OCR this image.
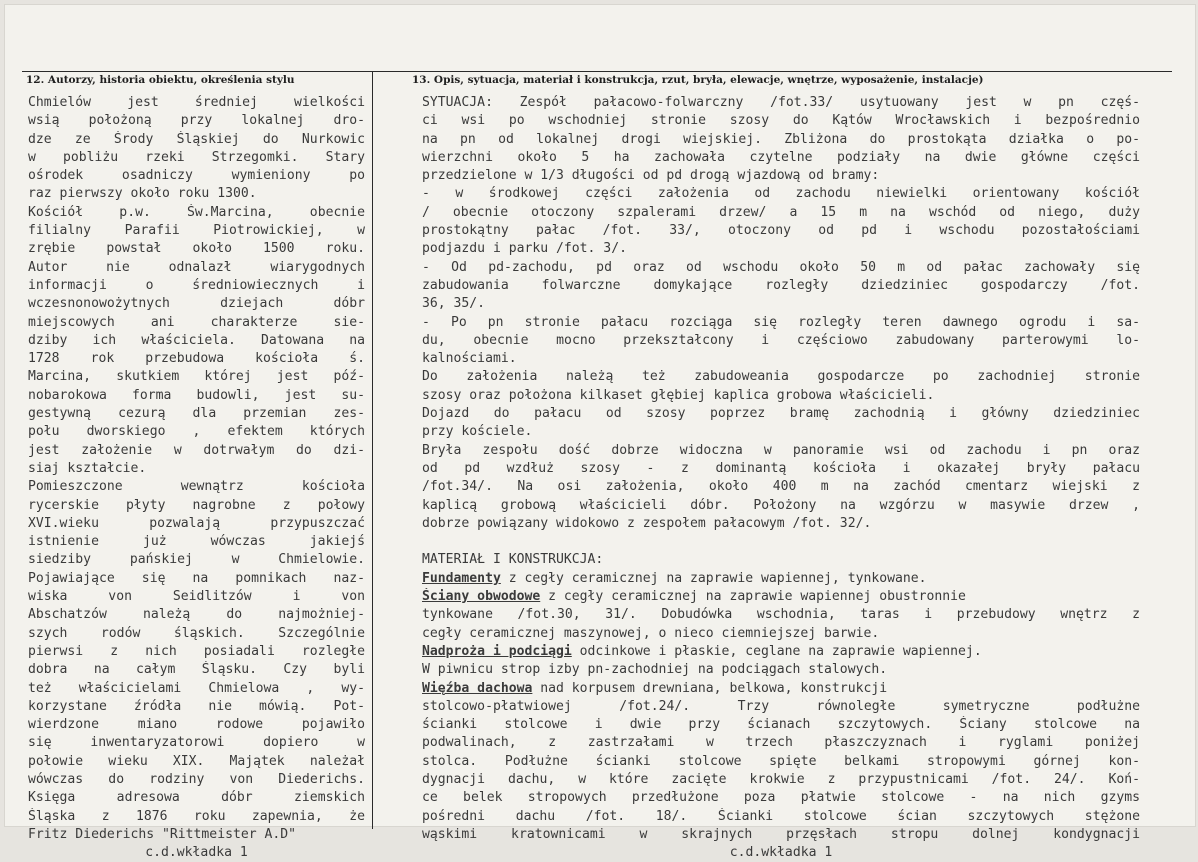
12. Autorzy, historia obiektu, określenia stylu	13. Opis, sytuacja, materiał i konstrukcja, rzut, bryła, elewacje, wnętrze, wyposażenie, instalacje)
Chmielów jest średniej wielkości
wsią położoną przy lokalnej dro-
dze ze Środy Śląskiej do Nurkowic
w pobliżu rzeki Strzegomki. Stary
ośrodek osadniczy wymieniony po
raz pierwszy około roku 1300.
Kościół p.w. Św.Marcina, obecnie
filialny Parafii Piotrowickiej, w
zrębie powstał około 1500 roku.
Autor nie odnalazł wiarygodnych
informacji o średniowiecznych i
wczesnonowożytnych dziejach dóbr
miejscowych ani charakterze sie-
dziby ich właściciela. Datowana na
1728 rok przebudowa kościoła ś.
Marcina, skutkiem której jest póź-
nobarokowa forma budowli, jest su-
gestywną cezurą dla przemian zes-
połu dworskiego , efektem których
jest założenie w dotrwałym do dzi-
siaj kształcie.
Pomieszczone wewnątrz kościoła
rycerskie płyty nagrobne z połowy
XVI.wieku pozwalają przypuszczać
istnienie już wówczas jakiejś
siedziby pańskiej w Chmielowie.
Pojawiające się na pomnikach naz-
wiska von Seidlitzów i von
Abschatzów należą do najmożniej-
szych rodów śląskich. Szczególnie
pierwsi z nich posiadali rozległe
dobra na całym Śląsku. Czy byli
też właścicielami Chmielowa , wy-
korzystane źródła nie mówią. Pot-
wierdzone miano rodowe pojawiło
się inwentaryzatorowi dopiero w
połowie wieku XIX. Majątek należał
wówczas do rodziny von Diederichs.
Księga adresowa dóbr ziemskich
Śląska z 1876 roku zapewnia, że
Fritz Diederichs "Rittmeister A.D"
c.d.wkładka 1
SYTUACJA: Zespół pałacowo-folwarczny /fot.33/ usytuowany jest w pn częś-
ci wsi po wschodniej stronie szosy do Kątów Wrocławskich i bezpośrednio
na pn od lokalnej drogi wiejskiej. Zbliżona do prostokąta działka o po-
wierzchni około 5 ha zachowała czytelne podziały na dwie główne części
przedzielone w 1/3 długości od pd drogą wjazdową od bramy:
- w środkowej części założenia od zachodu niewielki orientowany kościół
/ obecnie otoczony szpalerami drzew/ a 15 m na wschód od niego, duży
prostokątny pałac /fot. 33/, otoczony od pd i wschodu pozostałościami
podjazdu i parku /fot. 3/.
- Od pd-zachodu, pd oraz od wschodu około 50 m od pałac zachowały się
zabudowania folwarczne domykające rozległy dziedziniec gospodarczy /fot.
36, 35/.
- Po pn stronie pałacu rozciąga się rozległy teren dawnego ogrodu i sa-
du, obecnie mocno przekształcony i częściowo zabudowany parterowymi lo-
kalnościami.
Do założenia należą też zabudoweania gospodarcze po zachodniej stronie
szosy oraz położona kilkaset głębiej kaplica grobowa właścicieli.
Dojazd do pałacu od szosy poprzez bramę zachodnią i główny dziedziniec
przy kościele.
Bryła zespołu dość dobrze widoczna w panoramie wsi od zachodu i pn oraz
od pd wzdłuż szosy - z dominantą kościoła i okazałej bryły pałacu
/fot.34/. Na osi założenia, około 400 m na zachód cmentarz wiejski z
kaplicą grobową właścicieli dóbr. Położony na wzgórzu w masywie drzew ,
dobrze powiązany widokowo z zespołem pałacowym /fot. 32/.
MATERIAŁ I KONSTRUKCJA:
Fundamenty z cegły ceramicznej na zaprawie wapiennej, tynkowane.
Ściany obwodowe z cegły ceramicznej na zaprawie wapiennej obustronnie
tynkowane /fot.30, 31/. Dobudówka wschodnia, taras i przebudowy wnętrz z
cegły ceramicznej maszynowej, o nieco ciemniejszej barwie.
Nadproża i podciągi odcinkowe i płaskie, ceglane na zaprawie wapiennej.
W piwnicu strop izby pn-zachodniej na podciągach stalowych.
Więźba dachowa nad korpusem drewniana, belkowa, konstrukcji
stolcowo-płatwiowej /fot.24/. Trzy równoległe symetryczne podłużne
ścianki stolcowe i dwie przy ścianach szczytowych. Ściany stolcowe na
podwalinach, z zastrzałami w trzech płaszczyznach i ryglami poniżej
stolca. Podłużne ścianki stolcowe spięte belkami stropowymi górnej kon-
dygnacji dachu, w które zacięte krokwie z przypustnicami /fot. 24/. Koń-
ce belek stropowych przedłużone poza płatwie stolcowe - na nich gzyms
pośredni dachu /fot. 18/. Ścianki stolcowe ścian szczytowych stężone
wąskimi kratownicami w skrajnych przęsłach stropu dolnej kondygnacji
c.d.wkładka 1
